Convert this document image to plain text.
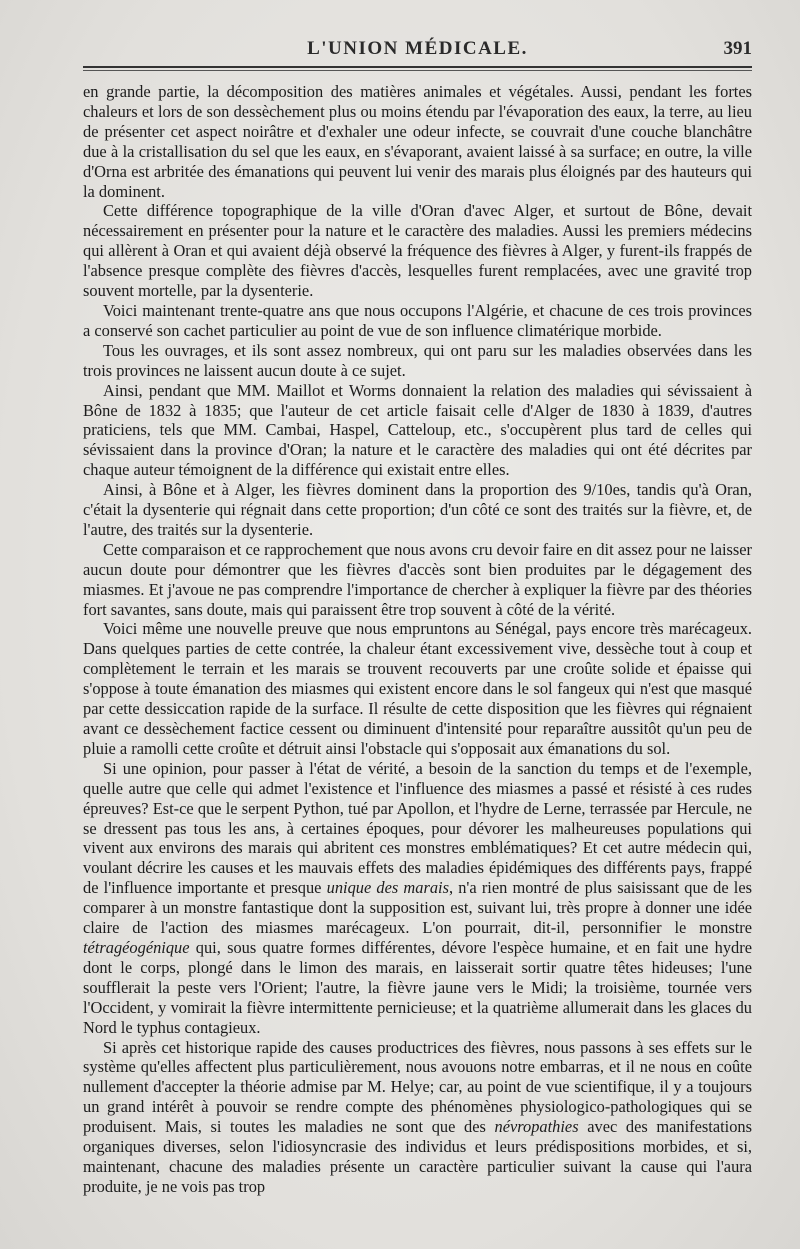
L'UNION MÉDICALE.	391

en grande partie, la décomposition des matières animales et végétales. Aussi, pendant les fortes chaleurs et lors de son dessèchement plus ou moins étendu par l'évaporation des eaux, la terre, au lieu de présenter cet aspect noirâtre et d'exhaler une odeur infecte, se couvrait d'une couche blanchâtre due à la cristallisation du sel que les eaux, en s'évaporant, avaient laissé à sa surface; en outre, la ville d'Orna est arbritée des émanations qui peuvent lui venir des marais plus éloignés par des hauteurs qui la dominent.

Cette différence topographique de la ville d'Oran d'avec Alger, et surtout de Bône, devait nécessairement en présenter pour la nature et le caractère des maladies. Aussi les premiers médecins qui allèrent à Oran et qui avaient déjà observé la fréquence des fièvres à Alger, y furent-ils frappés de l'absence presque complète des fièvres d'accès, lesquelles furent remplacées, avec une gravité trop souvent mortelle, par la dysenterie.

Voici maintenant trente-quatre ans que nous occupons l'Algérie, et chacune de ces trois provinces a conservé son cachet particulier au point de vue de son influence climatérique morbide.

Tous les ouvrages, et ils sont assez nombreux, qui ont paru sur les maladies observées dans les trois provinces ne laissent aucun doute à ce sujet.

Ainsi, pendant que MM. Maillot et Worms donnaient la relation des maladies qui sévissaient à Bône de 1832 à 1835; que l'auteur de cet article faisait celle d'Alger de 1830 à 1839, d'autres praticiens, tels que MM. Cambai, Haspel, Catteloup, etc., s'occupèrent plus tard de celles qui sévissaient dans la province d'Oran; la nature et le caractère des maladies qui ont été décrites par chaque auteur témoignent de la différence qui existait entre elles.

Ainsi, à Bône et à Alger, les fièvres dominent dans la proportion des 9/10es, tandis qu'à Oran, c'était la dysenterie qui régnait dans cette proportion; d'un côté ce sont des traités sur la fièvre, et, de l'autre, des traités sur la dysenterie.

Cette comparaison et ce rapprochement que nous avons cru devoir faire en dit assez pour ne laisser aucun doute pour démontrer que les fièvres d'accès sont bien produites par le dégagement des miasmes. Et j'avoue ne pas comprendre l'importance de chercher à expliquer la fièvre par des théories fort savantes, sans doute, mais qui paraissent être trop souvent à côté de la vérité.

Voici même une nouvelle preuve que nous empruntons au Sénégal, pays encore très marécageux. Dans quelques parties de cette contrée, la chaleur étant excessivement vive, dessèche tout à coup et complètement le terrain et les marais se trouvent recouverts par une croûte solide et épaisse qui s'oppose à toute émanation des miasmes qui existent encore dans le sol fangeux qui n'est que masqué par cette dessiccation rapide de la surface. Il résulte de cette disposition que les fièvres qui régnaient avant ce dessèchement factice cessent ou diminuent d'intensité pour reparaître aussitôt qu'un peu de pluie a ramolli cette croûte et détruit ainsi l'obstacle qui s'opposait aux émanations du sol.

Si une opinion, pour passer à l'état de vérité, a besoin de la sanction du temps et de l'exemple, quelle autre que celle qui admet l'existence et l'influence des miasmes a passé et résisté à ces rudes épreuves? Est-ce que le serpent Python, tué par Apollon, et l'hydre de Lerne, terrassée par Hercule, ne se dressent pas tous les ans, à certaines époques, pour dévorer les malheureuses populations qui vivent aux environs des marais qui abritent ces monstres emblématiques? Et cet autre médecin qui, voulant décrire les causes et les mauvais effets des maladies épidémiques des différents pays, frappé de l'influence importante et presque unique des marais, n'a rien montré de plus saisissant que de les comparer à un monstre fantastique dont la supposition est, suivant lui, très propre à donner une idée claire de l'action des miasmes marécageux. L'on pourrait, dit-il, personnifier le monstre tétragéogénique qui, sous quatre formes différentes, dévore l'espèce humaine, et en fait une hydre dont le corps, plongé dans le limon des marais, en laisserait sortir quatre têtes hideuses; l'une soufflerait la peste vers l'Orient; l'autre, la fièvre jaune vers le Midi; la troisième, tournée vers l'Occident, y vomirait la fièvre intermittente pernicieuse; et la quatrième allumerait dans les glaces du Nord le typhus contagieux.

Si après cet historique rapide des causes productrices des fièvres, nous passons à ses effets sur le système qu'elles affectent plus particulièrement, nous avouons notre embarras, et il ne nous en coûte nullement d'accepter la théorie admise par M. Helye; car, au point de vue scientifique, il y a toujours un grand intérêt à pouvoir se rendre compte des phénomènes physiologico-pathologiques qui se produisent. Mais, si toutes les maladies ne sont que des névropathies avec des manifestations organiques diverses, selon l'idiosyncrasie des individus et leurs prédispositions morbides, et si, maintenant, chacune des maladies présente un caractère particulier suivant la cause qui l'aura produite, je ne vois pas trop
